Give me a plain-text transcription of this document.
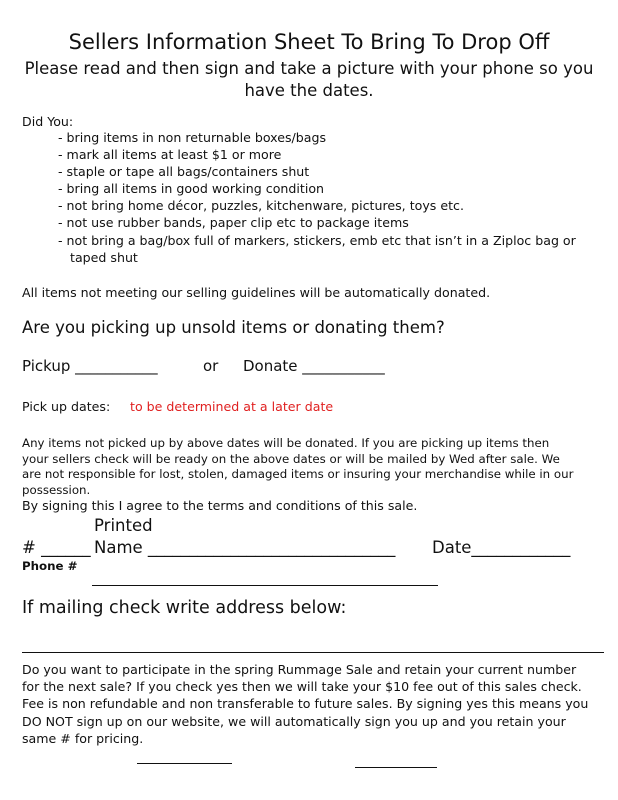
Sellers Information Sheet To Bring To Drop Off
Please read and then sign and take a picture with your phone so you have the dates.
Did You:
- bring items in non returnable boxes/bags
- mark all items at least $1 or more
- staple or tape all bags/containers shut
- bring all items in good working condition
- not bring home décor, puzzles, kitchenware, pictures, toys etc.
- not use rubber bands, paper clip etc to package items
- not bring a bag/box full of markers, stickers, emb etc that isn’t in a Ziploc bag or
taped shut
All items not meeting our selling guidelines will be automatically donated.
Are you picking up unsold items or donating them?
Pickup ___________	or Donate ___________
Pick up dates: to be determined at a later date
Any items not picked up by above dates will be donated. If you are picking up items then your sellers check will be ready on the above dates or will be mailed by Wed after sale. We are not responsible for lost, stolen, damaged items or insuring your merchandise while in our possession.
By signing this I agree to the terms and conditions of this sale.
Printed
# ______ Name ______________________________ Date____________
Phone #
If mailing check write address below:
Do you want to participate in the spring Rummage Sale and retain your current number for the next sale? If you check yes then we will take your $10 fee out of this sales check. Fee is non refundable and non transferable to future sales. By signing yes this means you DO NOT sign up on our website, we will automatically sign you up and you retain your same # for pricing.
